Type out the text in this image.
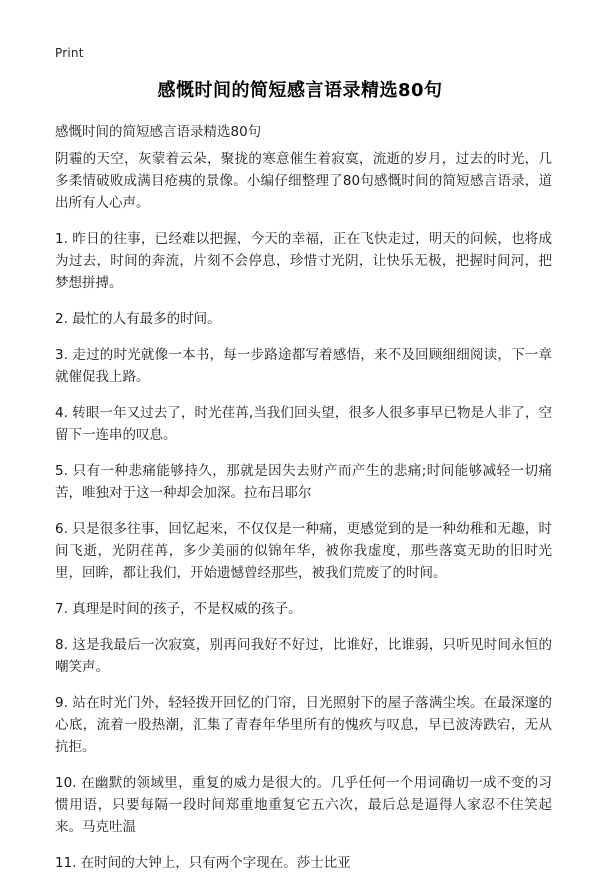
Print
感慨时间的简短感言语录精选80句
感慨时间的简短感言语录精选80句

阴霾的天空，灰蒙着云朵，聚拢的寒意催生着寂寞，流逝的岁月，过去的时光，几多柔情破败成满目疮痍的景像。小编仔细整理了80句感慨时间的简短感言语录，道出所有人心声。

1. 昨日的往事，已经难以把握，今天的幸福，正在飞快走过，明天的问候，也将成为过去，时间的奔流，片刻不会停息，珍惜寸光阴，让快乐无极，把握时间河，把梦想拼搏。

2. 最忙的人有最多的时间。

3. 走过的时光就像一本书，每一步路途都写着感悟，来不及回顾细细阅读，下一章就催促我上路。

4. 转眼一年又过去了，时光荏苒,当我们回头望，很多人很多事早已物是人非了，空留下一连串的叹息。

5. 只有一种悲痛能够持久，那就是因失去财产而产生的悲痛;时间能够减轻一切痛苦，唯独对于这一种却会加深。拉布吕耶尔

6. 只是很多往事，回忆起来，不仅仅是一种痛，更感觉到的是一种幼稚和无趣，时间飞逝，光阴荏苒，多少美丽的似锦年华，被你我虚度，那些落寞无助的旧时光里，回眸，都让我们，开始遗憾曾经那些，被我们荒废了的时间。

7. 真理是时间的孩子，不是权威的孩子。

8. 这是我最后一次寂寞，别再问我好不好过，比谁好，比谁弱，只听见时间永恒的嘲笑声。

9. 站在时光门外，轻轻拨开回忆的门帘，日光照射下的屋子落满尘埃。在最深邃的心底，流着一股热潮，汇集了青春年华里所有的愧疚与叹息，早已波涛跌宕，无从抗拒。

10. 在幽默的领域里，重复的威力是很大的。几乎任何一个用词确切一成不变的习惯用语，只要每隔一段时间郑重地重复它五六次，最后总是逼得人家忍不住笑起来。马克吐温

11. 在时间的大钟上，只有两个字现在。莎士比亚
